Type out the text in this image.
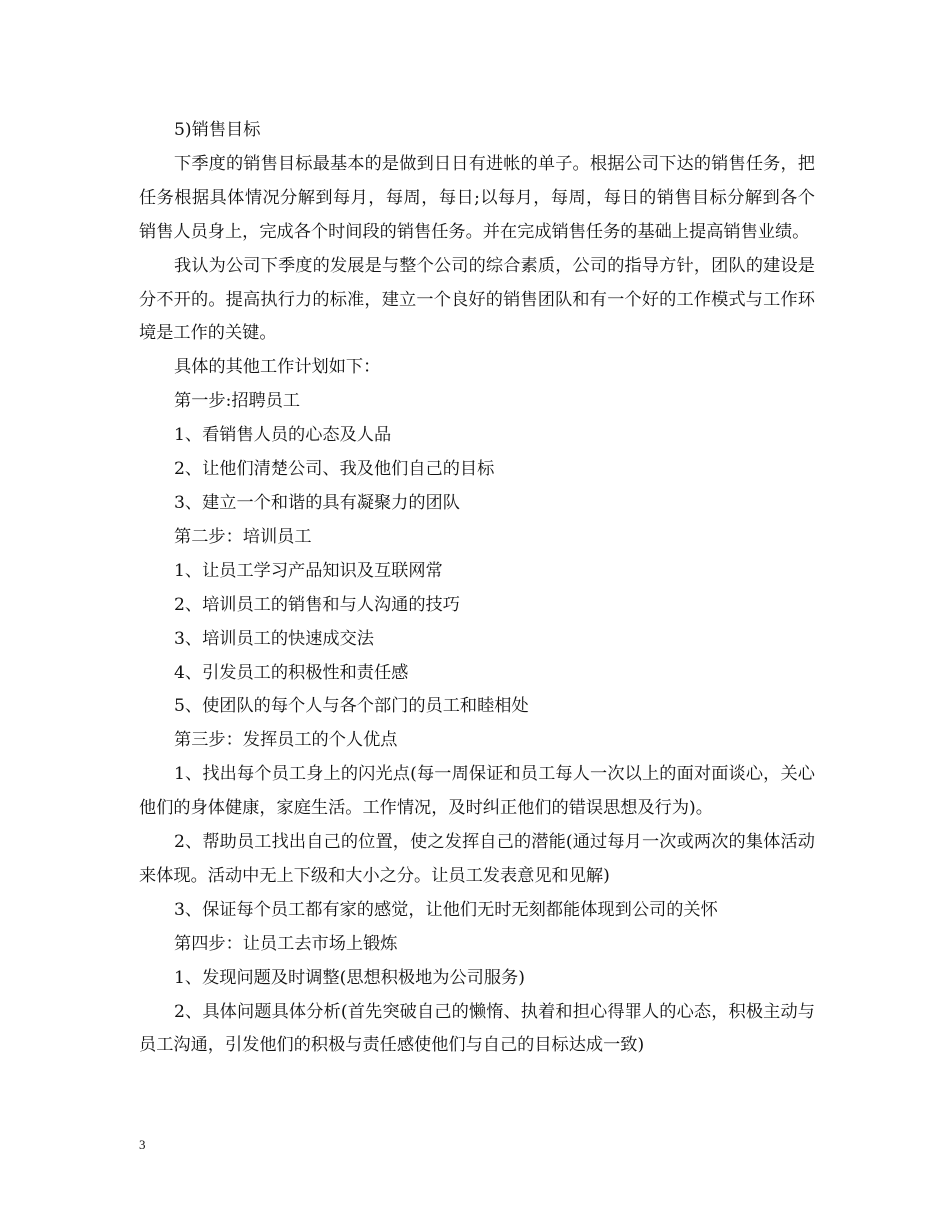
5)销售目标

下季度的销售目标最基本的是做到日日有进帐的单子。根据公司下达的销售任务，把任务根据具体情况分解到每月，每周，每日;以每月，每周，每日的销售目标分解到各个销售人员身上，完成各个时间段的销售任务。并在完成销售任务的基础上提高销售业绩。

我认为公司下季度的发展是与整个公司的综合素质，公司的指导方针，团队的建设是分不开的。提高执行力的标准，建立一个良好的销售团队和有一个好的工作模式与工作环境是工作的关键。

具体的其他工作计划如下：

第一步:招聘员工

1、看销售人员的心态及人品

2、让他们清楚公司、我及他们自己的目标

3、建立一个和谐的具有凝聚力的团队

第二步：培训员工

1、让员工学习产品知识及互联网常

2、培训员工的销售和与人沟通的技巧

3、培训员工的快速成交法

4、引发员工的积极性和责任感

5、使团队的每个人与各个部门的员工和睦相处

第三步：发挥员工的个人优点

1、找出每个员工身上的闪光点(每一周保证和员工每人一次以上的面对面谈心，关心他们的身体健康，家庭生活。工作情况，及时纠正他们的错误思想及行为)。

2、帮助员工找出自己的位置，使之发挥自己的潜能(通过每月一次或两次的集体活动来体现。活动中无上下级和大小之分。让员工发表意见和见解)

3、保证每个员工都有家的感觉，让他们无时无刻都能体现到公司的关怀

第四步：让员工去市场上锻炼

1、发现问题及时调整(思想积极地为公司服务)

2、具体问题具体分析(首先突破自己的懒惰、执着和担心得罪人的心态，积极主动与员工沟通，引发他们的积极与责任感使他们与自己的目标达成一致)

3
